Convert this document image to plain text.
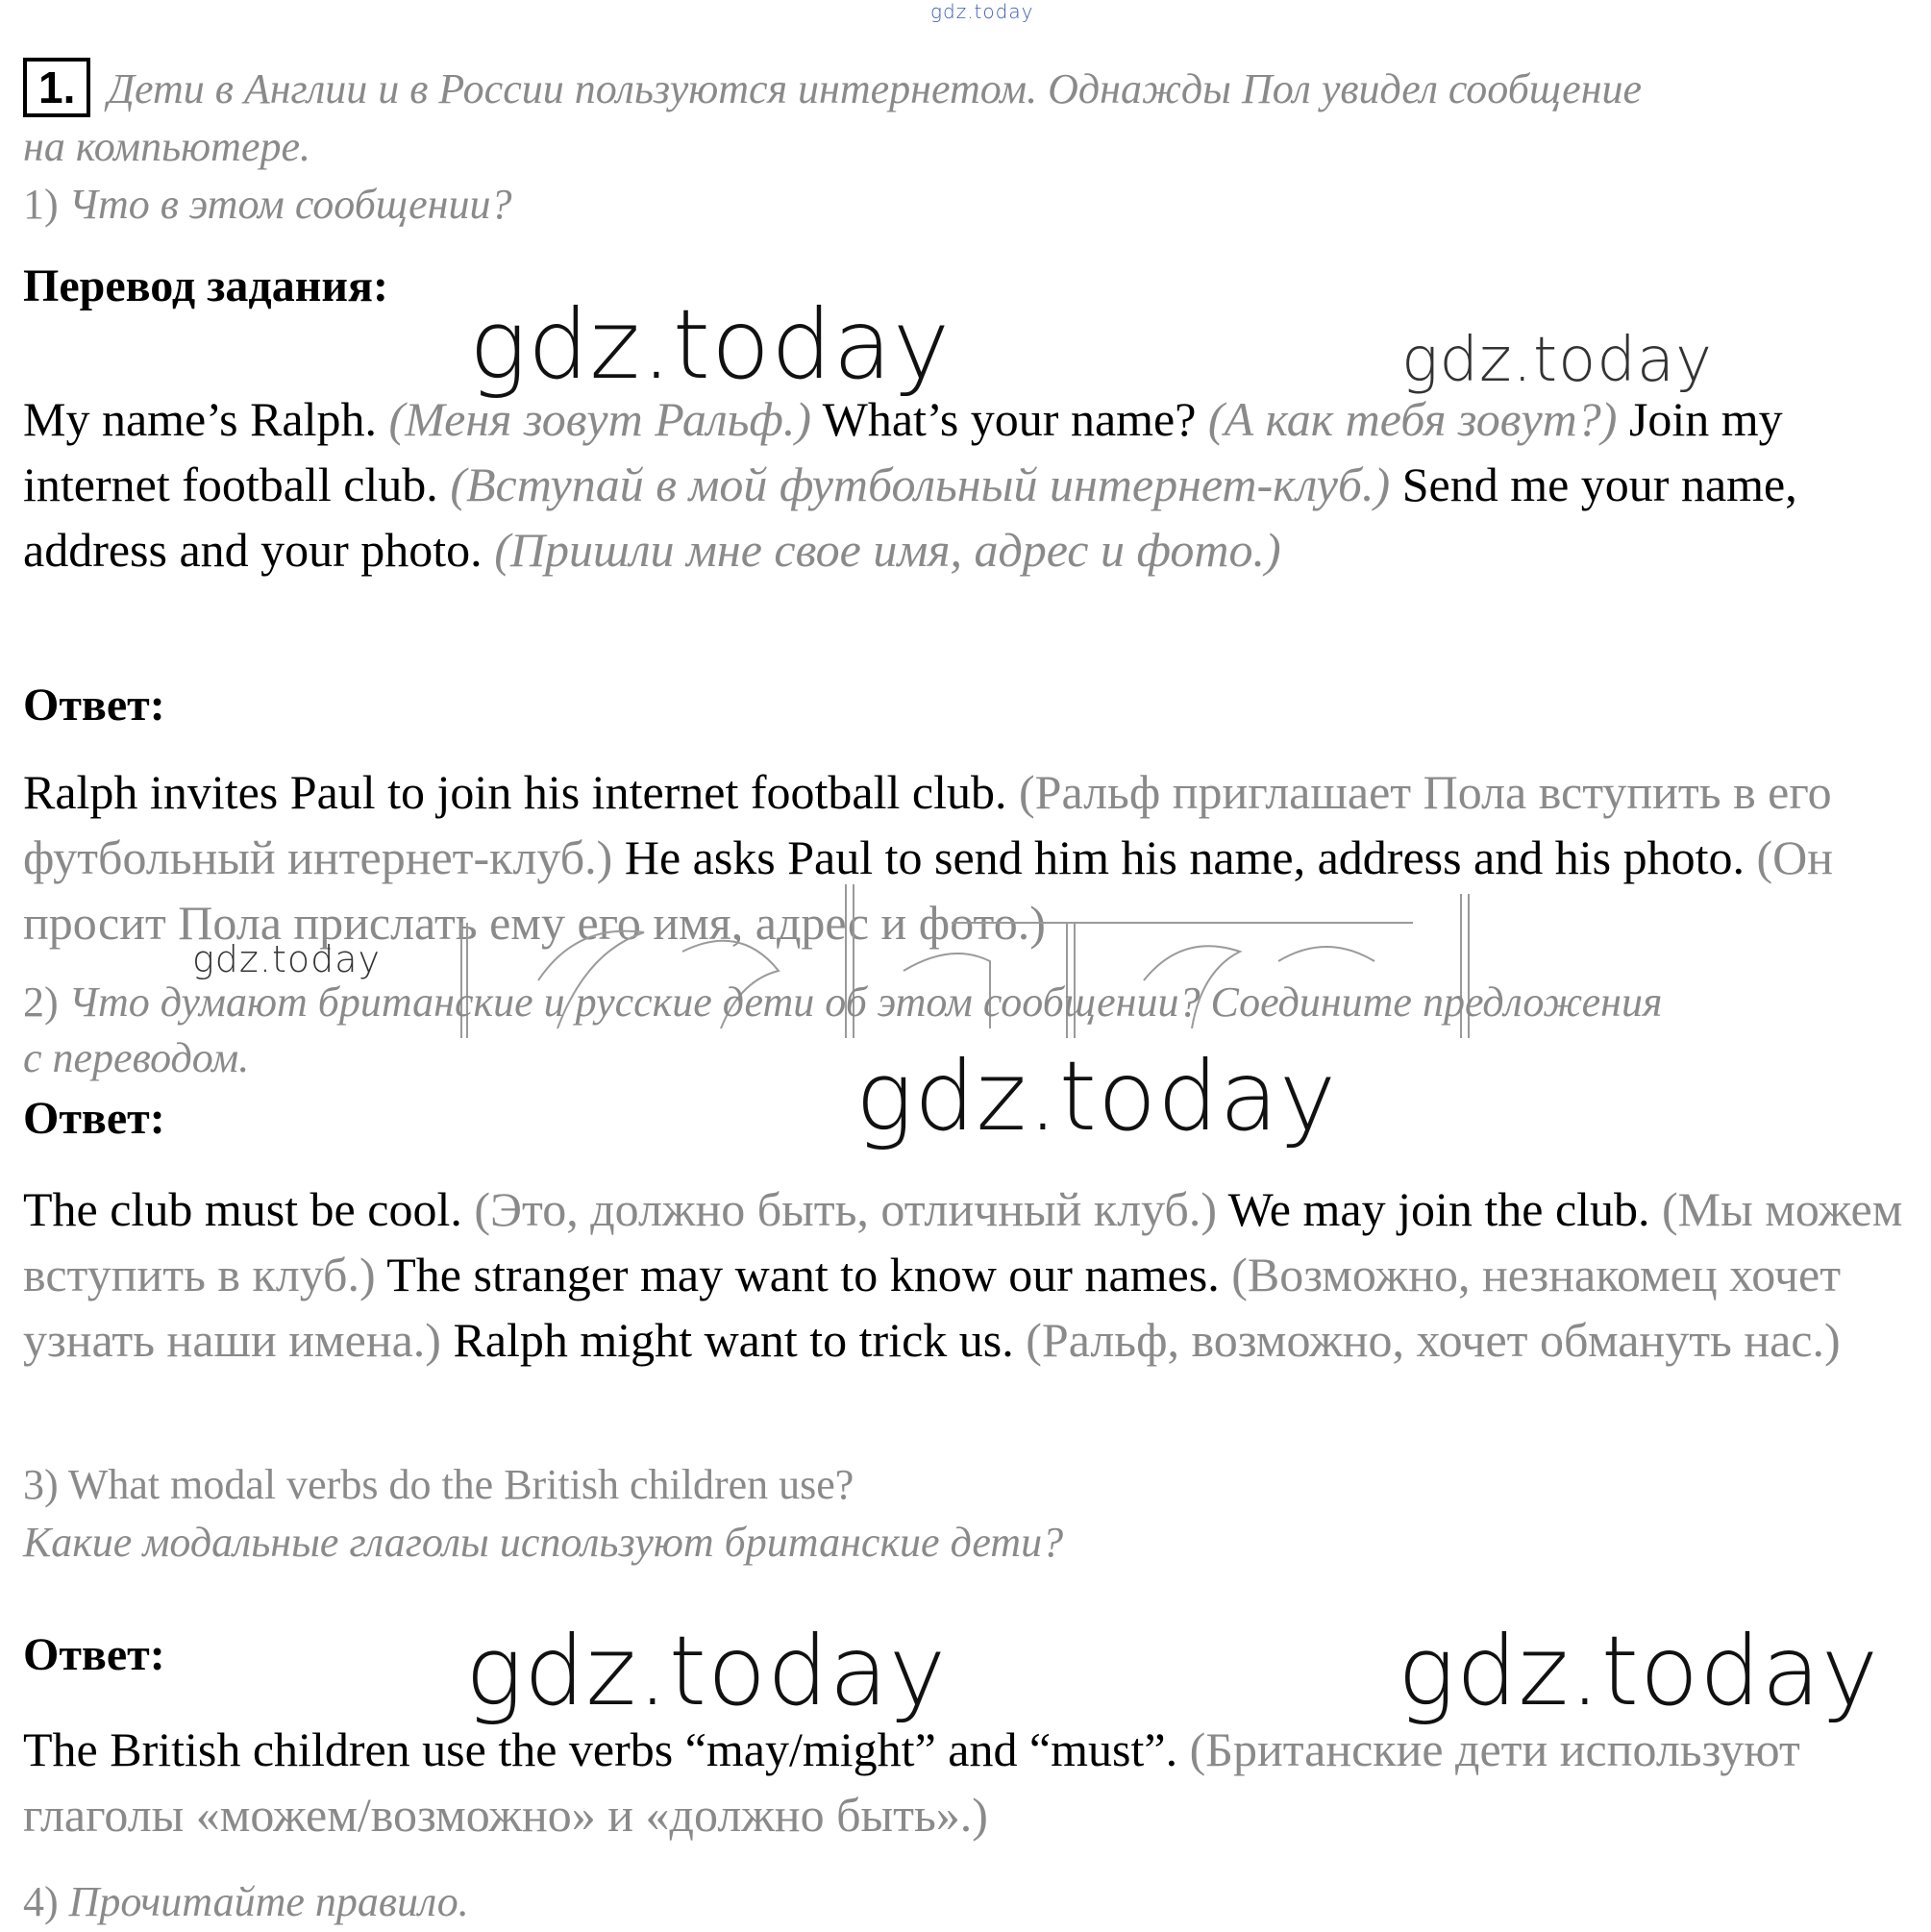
gdz.today
1. Дети в Англии и в России пользуются интернетом. Однажды Пол увидел сообщение
на компьютере.
1) Что в этом сообщении?
Перевод задания:
gdz.today	gdz.today
My name’s Ralph. (Меня зовут Ральф.) What’s your name? (А как тебя зовут?) Join my internet football club. (Вступай в мой футбольный интернет-клуб.) Send me your name, address and your photo. (Пришли мне свое имя, адрес и фото.)
Ответ:
Ralph invites Paul to join his internet football club. (Ральф приглашает Пола вступить в его футбольный интернет-клуб.) He asks Paul to send him his name, address and his photo. (Он просит Пола прислать ему его имя, адрес и фото.)
gdz.today
2) Что думают британские и русские дети об этом сообщении? Соедините предложения
с переводом.
Ответ:	gdz.today
The club must be cool. (Это, должно быть, отличный клуб.) We may join the club. (Мы можем вступить в клуб.) The stranger may want to know our names. (Возможно, незнакомец хочет узнать наши имена.) Ralph might want to trick us. (Ральф, возможно, хочет обмануть нас.)
3) What modal verbs do the British children use?
Какие модальные глаголы используют британские дети?
Ответ:	gdz.today	gdz.today
The British children use the verbs “may/might” and “must”. (Британские дети используют глаголы «можем/возможно» и «должно быть».)
4) Прочитайте правило.
